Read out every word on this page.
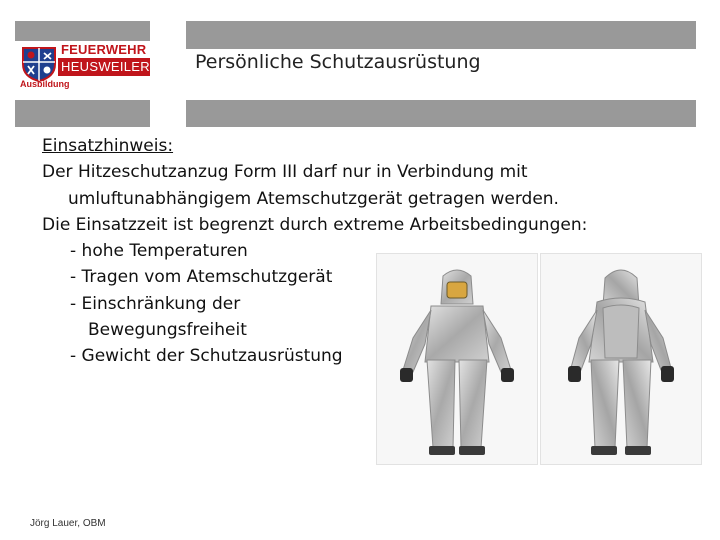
FEUERWEHR
HEUSWEILER
Ausbildung
Persönliche Schutzausrüstung
Einsatzhinweis:
Der Hitzeschutzanzug Form III darf nur in Verbindung mit
umluftunabhängigem Atemschutzgerät getragen werden.
Die Einsatzzeit ist begrenzt durch extreme Arbeitsbedingungen:
- hohe Temperaturen
- Tragen vom Atemschutzgerät
- Einschränkung der
Bewegungsfreiheit
- Gewicht der Schutzausrüstung
Jörg Lauer, OBM
